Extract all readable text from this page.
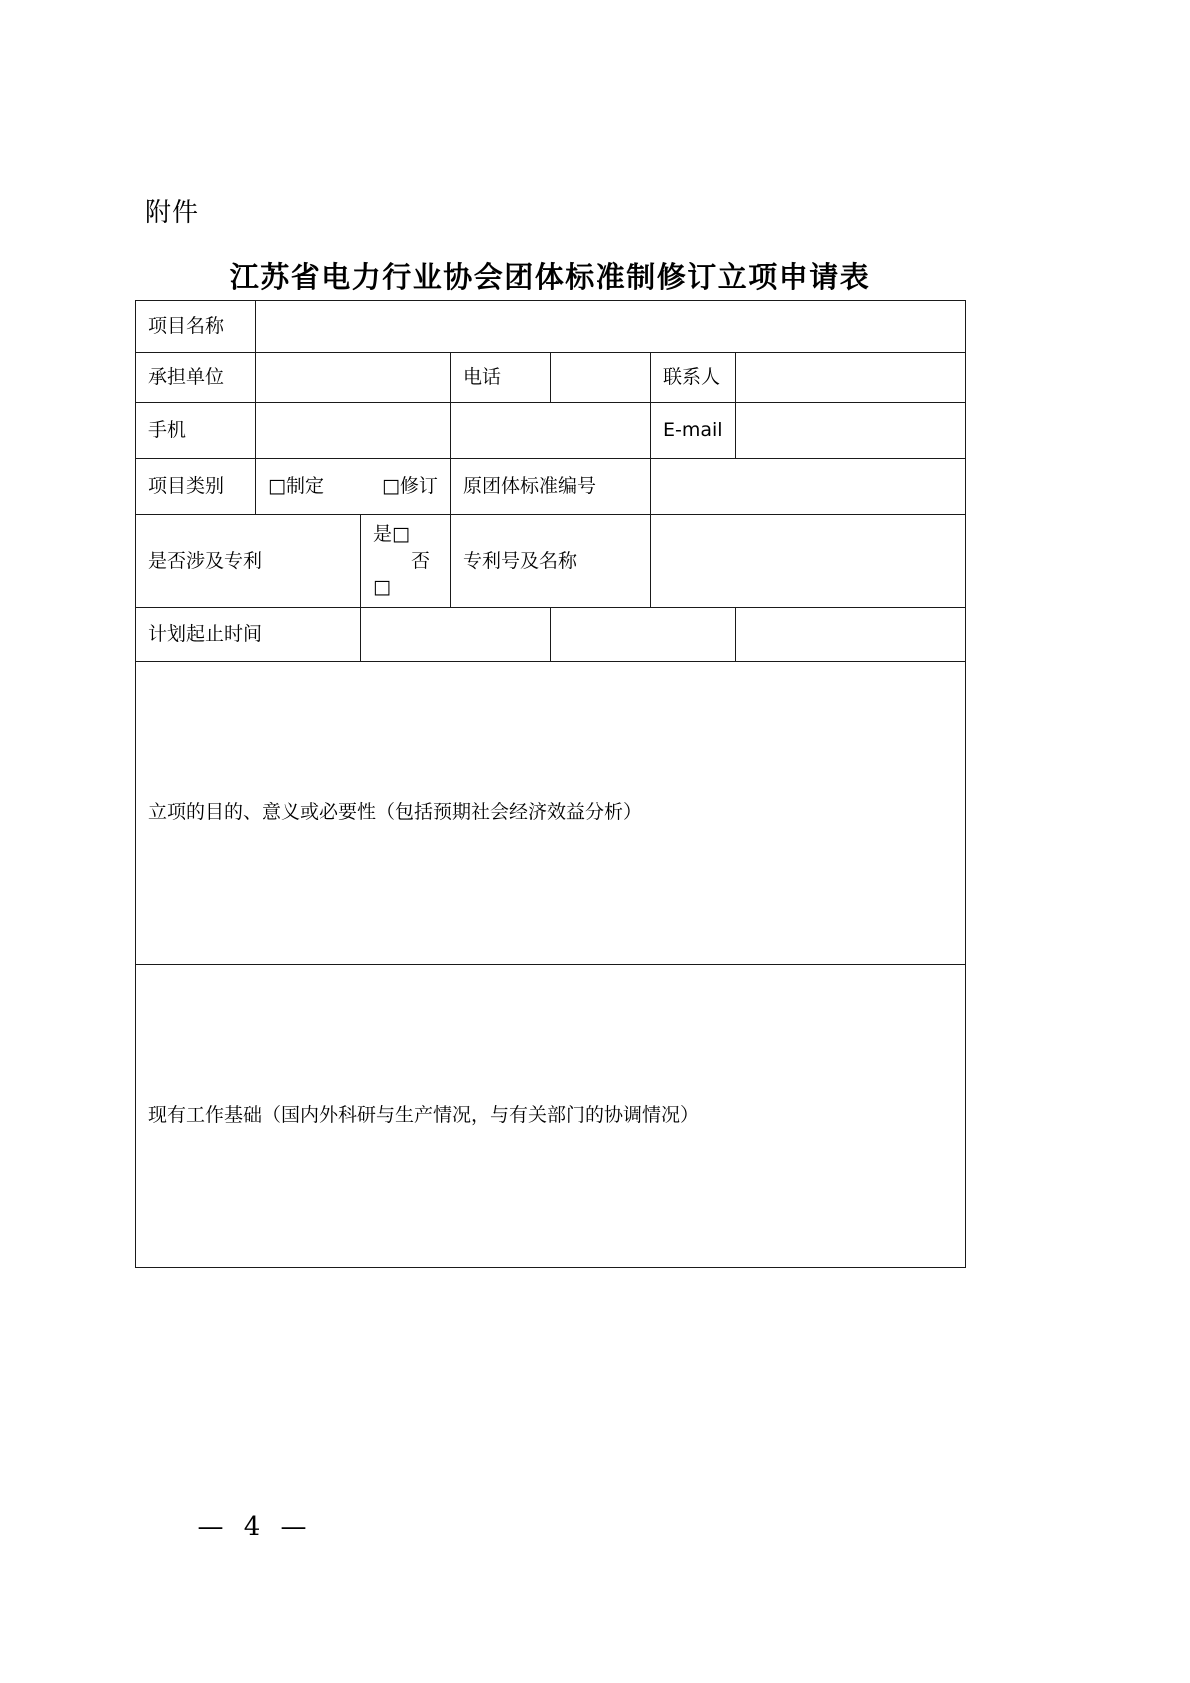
附件
江苏省电力行业协会团体标准制修订立项申请表
项目名称						
承担单位			电话		联系人	
手机					E-mail	
项目类别	□制定 □修订		原团体标准编号			
是否涉及专利		是□否□	专利号及名称			
计划起止时间						

立项的目的、意义或必要性（包括预期社会经济效益分析）						

现有工作基础（国内外科研与生产情况，与有关部门的协调情况）						
— 4 —
